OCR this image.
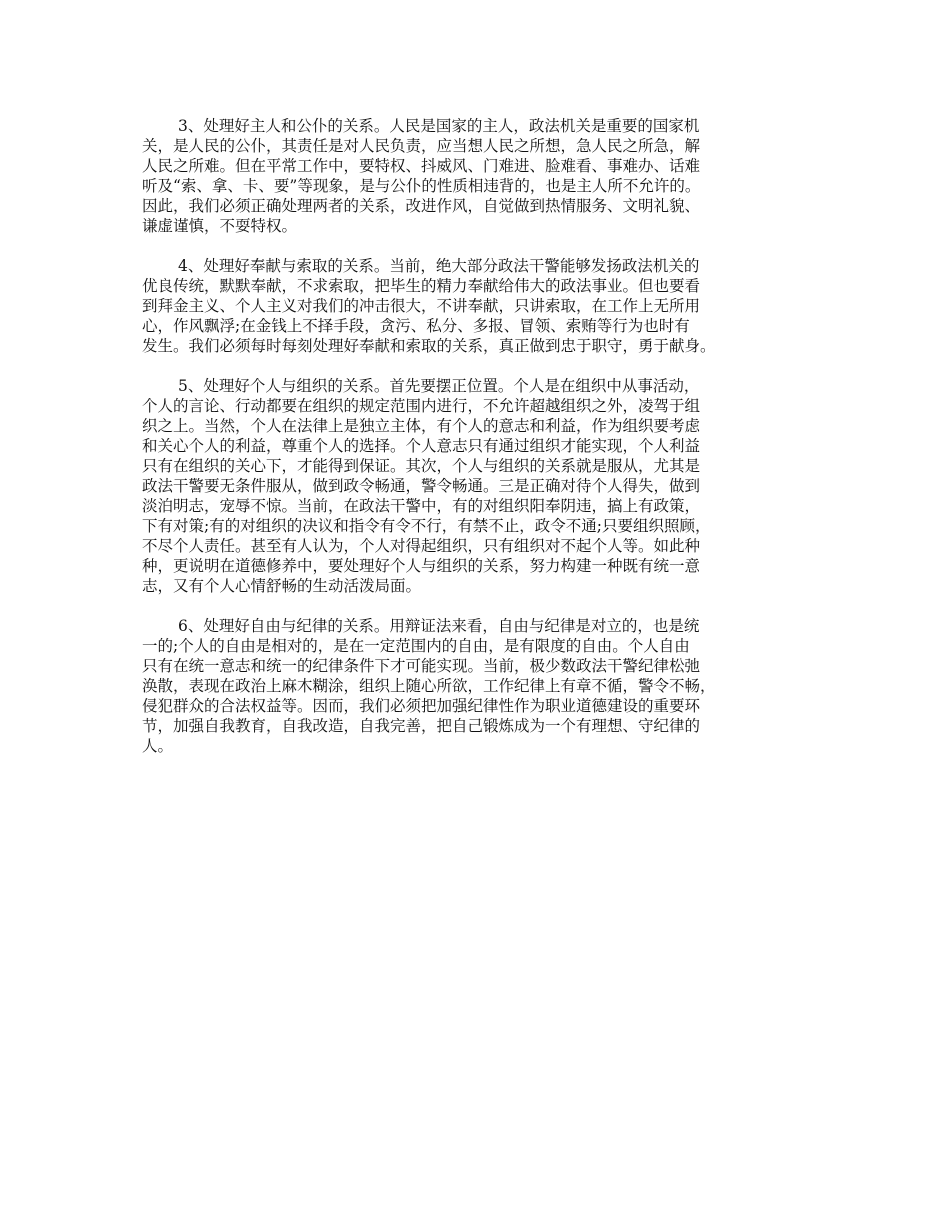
3、处理好主人和公仆的关系。人民是国家的主人，政法机关是重要的国家机
关，是人民的公仆，其责任是对人民负责，应当想人民之所想，急人民之所急，解
人民之所难。但在平常工作中，要特权、抖威风、门难进、脸难看、事难办、话难
听及“索、拿、卡、要”等现象，是与公仆的性质相违背的，也是主人所不允许的。
因此，我们必须正确处理两者的关系，改进作风，自觉做到热情服务、文明礼貌、
谦虚谨慎，不耍特权。
4、处理好奉献与索取的关系。当前，绝大部分政法干警能够发扬政法机关的
优良传统，默默奉献，不求索取，把毕生的精力奉献给伟大的政法事业。但也要看
到拜金主义、个人主义对我们的冲击很大，不讲奉献，只讲索取，在工作上无所用
心，作风飘浮;在金钱上不择手段，贪污、私分、多报、冒领、索贿等行为也时有
发生。我们必须每时每刻处理好奉献和索取的关系，真正做到忠于职守，勇于献身。
5、处理好个人与组织的关系。首先要摆正位置。个人是在组织中从事活动，
个人的言论、行动都要在组织的规定范围内进行，不允许超越组织之外，凌驾于组
织之上。当然，个人在法律上是独立主体，有个人的意志和利益，作为组织要考虑
和关心个人的利益，尊重个人的选择。个人意志只有通过组织才能实现，个人利益
只有在组织的关心下，才能得到保证。其次，个人与组织的关系就是服从，尤其是
政法干警要无条件服从，做到政令畅通，警令畅通。三是正确对待个人得失，做到
淡泊明志，宠辱不惊。当前，在政法干警中，有的对组织阳奉阴违，搞上有政策，
下有对策;有的对组织的决议和指令有令不行，有禁不止，政令不通;只要组织照顾，
不尽个人责任。甚至有人认为，个人对得起组织，只有组织对不起个人等。如此种
种，更说明在道德修养中，要处理好个人与组织的关系，努力构建一种既有统一意
志，又有个人心情舒畅的生动活泼局面。
6、处理好自由与纪律的关系。用辩证法来看，自由与纪律是对立的，也是统
一的;个人的自由是相对的，是在一定范围内的自由，是有限度的自由。个人自由
只有在统一意志和统一的纪律条件下才可能实现。当前，极少数政法干警纪律松弛
涣散，表现在政治上麻木糊涂，组织上随心所欲，工作纪律上有章不循，警令不畅，
侵犯群众的合法权益等。因而，我们必须把加强纪律性作为职业道德建设的重要环
节，加强自我教育，自我改造，自我完善，把自己锻炼成为一个有理想、守纪律的
人。
